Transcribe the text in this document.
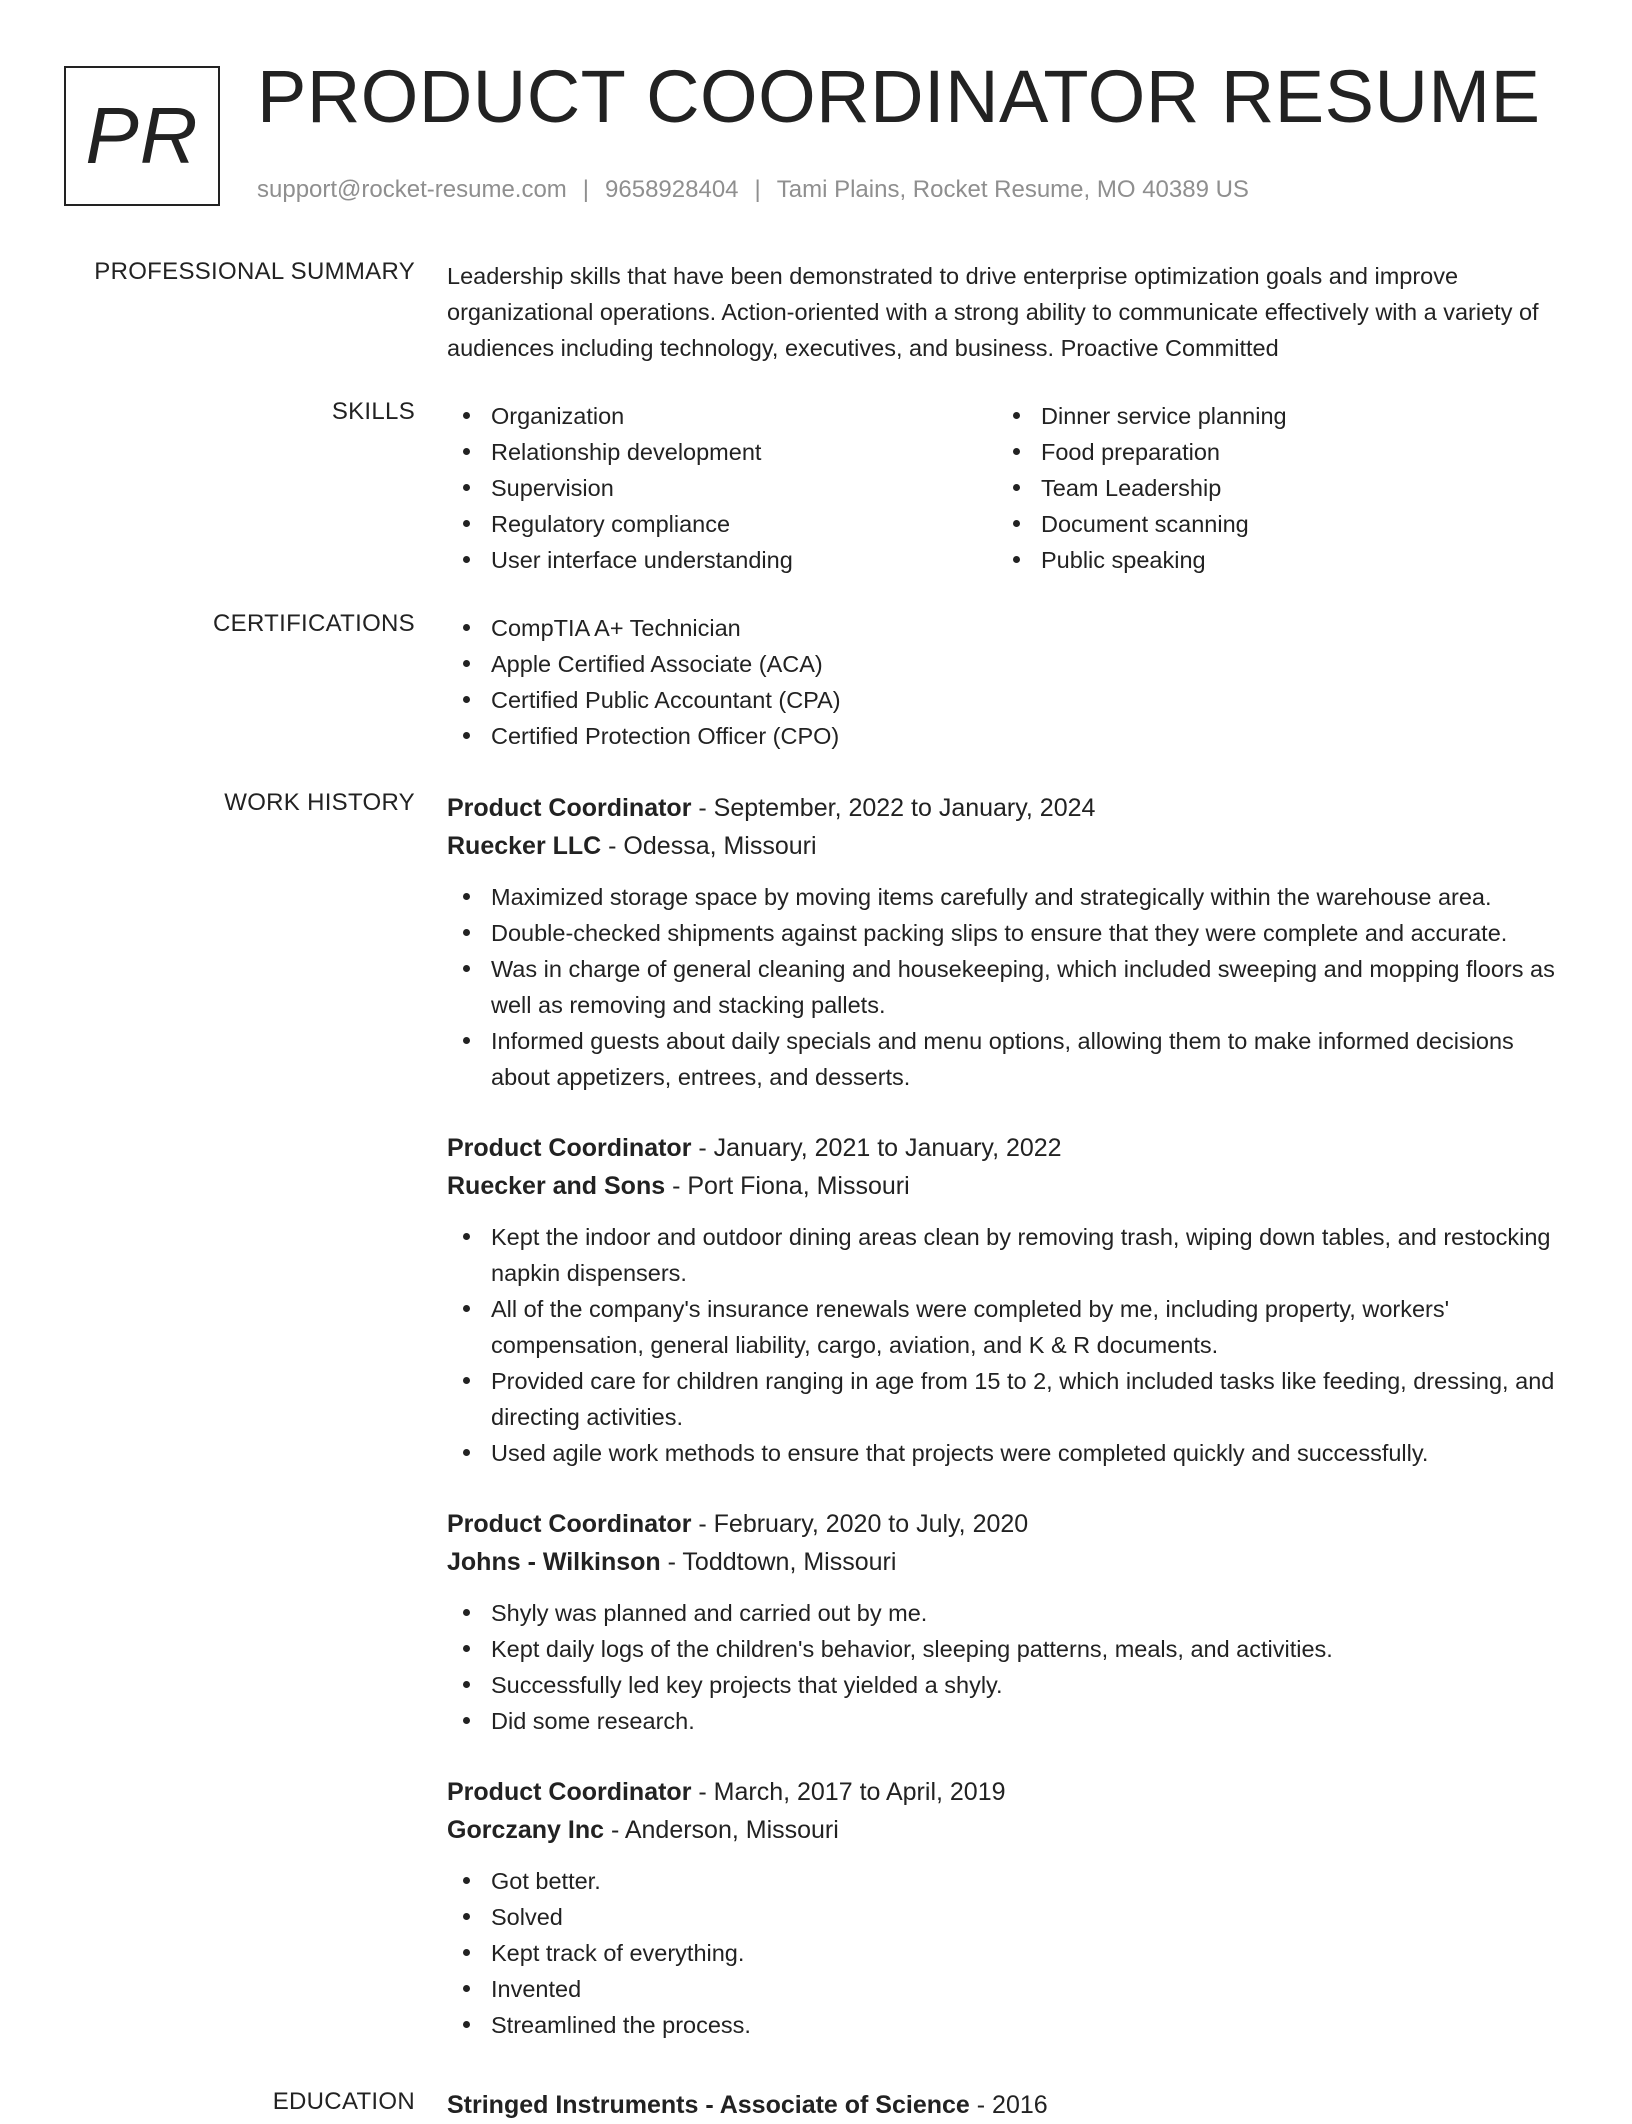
PR PRODUCT COORDINATOR RESUME
support@rocket-resume.com | 9658928404 | Tami Plains, Rocket Resume, MO 40389 US
PROFESSIONAL SUMMARY Leadership skills that have been demonstrated to drive enterprise optimization goals and improve organizational operations. Action-oriented with a strong ability to communicate effectively with a variety of audiences including technology, executives, and business. Proactive Committed

SKILLS	Organization
Relationship development
Supervision
Regulatory compliance
User interface understanding
Dinner service planning
Food preparation
Team Leadership
Document scanning
Public speaking
CERTIFICATIONS	CompTIA A+ Technician
Apple Certified Associate (ACA)
Certified Public Accountant (CPA)
Certified Protection Officer (CPO)
WORK HISTORY Product Coordinator - September, 2022 to January, 2024
Ruecker LLC - Odessa, Missouri
Maximized storage space by moving items carefully and strategically within the warehouse area.
Double-checked shipments against packing slips to ensure that they were complete and accurate.
Was in charge of general cleaning and housekeeping, which included sweeping and mopping floors as well as removing and stacking pallets.
Informed guests about daily specials and menu options, allowing them to make informed decisions about appetizers, entrees, and desserts.
Product Coordinator - January, 2021 to January, 2022
Ruecker and Sons - Port Fiona, Missouri
Kept the indoor and outdoor dining areas clean by removing trash, wiping down tables, and restocking napkin dispensers.
All of the company's insurance renewals were completed by me, including property, workers' compensation, general liability, cargo, aviation, and K & R documents.
Provided care for children ranging in age from 15 to 2, which included tasks like feeding, dressing, and directing activities.
Used agile work methods to ensure that projects were completed quickly and successfully.
Product Coordinator - February, 2020 to July, 2020
Johns - Wilkinson - Toddtown, Missouri
Shyly was planned and carried out by me.
Kept daily logs of the children's behavior, sleeping patterns, meals, and activities.
Successfully led key projects that yielded a shyly.
Did some research.
Product Coordinator - March, 2017 to April, 2019
Gorczany Inc - Anderson, Missouri
Got better.
Solved
Kept track of everything.
Invented
Streamlined the process.
EDUCATION Stringed Instruments - Associate of Science - 2016
